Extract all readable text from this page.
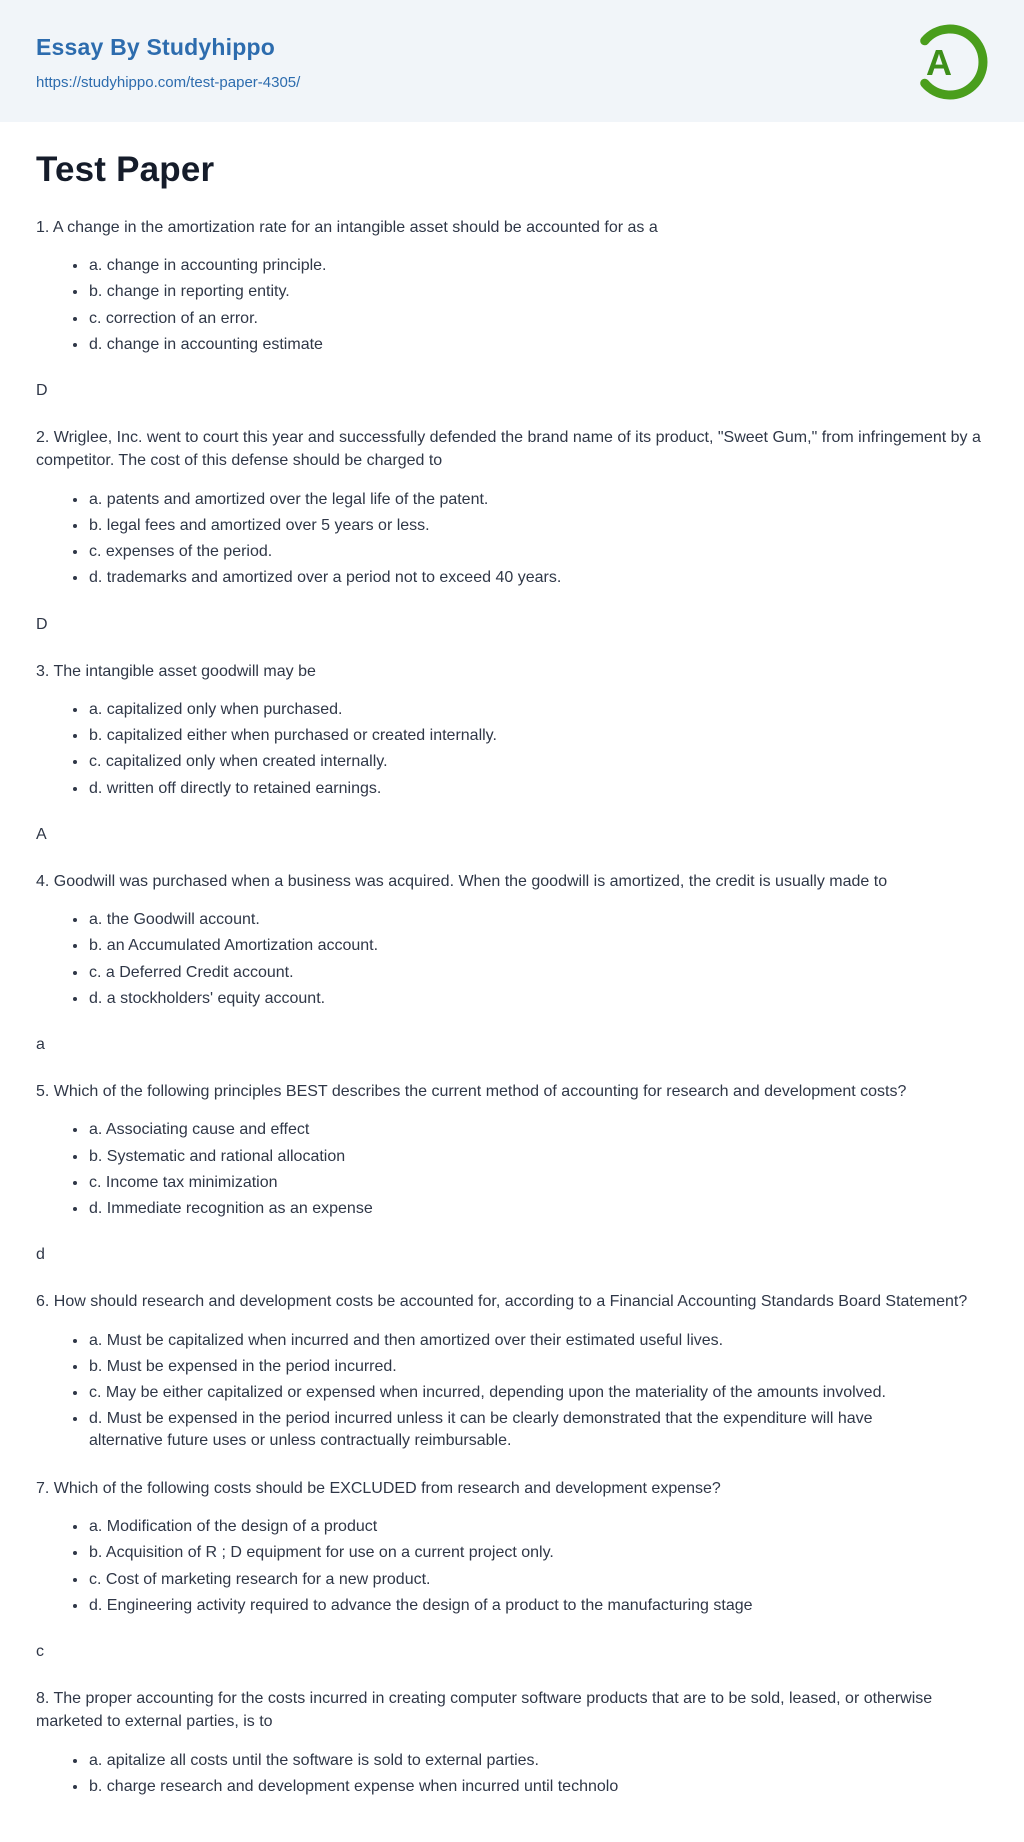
Essay By Studyhippo
https://studyhippo.com/test-paper-4305/	A
Test Paper

1. A change in the amortization rate for an intangible asset should be accounted for as a

• a. change in accounting principle.
• b. change in reporting entity.
• c. correction of an error.
• d. change in accounting estimate

D

2. Wriglee, Inc. went to court this year and successfully defended the brand name of its product, "Sweet Gum," from infringement by a competitor. The cost of this defense should be charged to

• a. patents and amortized over the legal life of the patent.
• b. legal fees and amortized over 5 years or less.
• c. expenses of the period.
• d. trademarks and amortized over a period not to exceed 40 years.

D

3. The intangible asset goodwill may be

• a. capitalized only when purchased.
• b. capitalized either when purchased or created internally.
• c. capitalized only when created internally.
• d. written off directly to retained earnings.

A

4. Goodwill was purchased when a business was acquired. When the goodwill is amortized, the credit is usually made to

• a. the Goodwill account.
• b. an Accumulated Amortization account.
• c. a Deferred Credit account.
• d. a stockholders' equity account.

a

5. Which of the following principles BEST describes the current method of accounting for research and development costs?

• a. Associating cause and effect
• b. Systematic and rational allocation
• c. Income tax minimization
• d. Immediate recognition as an expense

d

6. How should research and development costs be accounted for, according to a Financial Accounting Standards Board Statement?

• a. Must be capitalized when incurred and then amortized over their estimated useful lives.
• b. Must be expensed in the period incurred.
• c. May be either capitalized or expensed when incurred, depending upon the materiality of the amounts involved.
• d. Must be expensed in the period incurred unless it can be clearly demonstrated that the expenditure will have alternative future uses or unless contractually reimbursable.

7. Which of the following costs should be EXCLUDED from research and development expense?

• a. Modification of the design of a product
• b. Acquisition of R ; D equipment for use on a current project only.
• c. Cost of marketing research for a new product.
• d. Engineering activity required to advance the design of a product to the manufacturing stage

c

8. The proper accounting for the costs incurred in creating computer software products that are to be sold, leased, or otherwise marketed to external parties, is to

• a. apitalize all costs until the software is sold to external parties.
• b. charge research and development expense when incurred until technolo
